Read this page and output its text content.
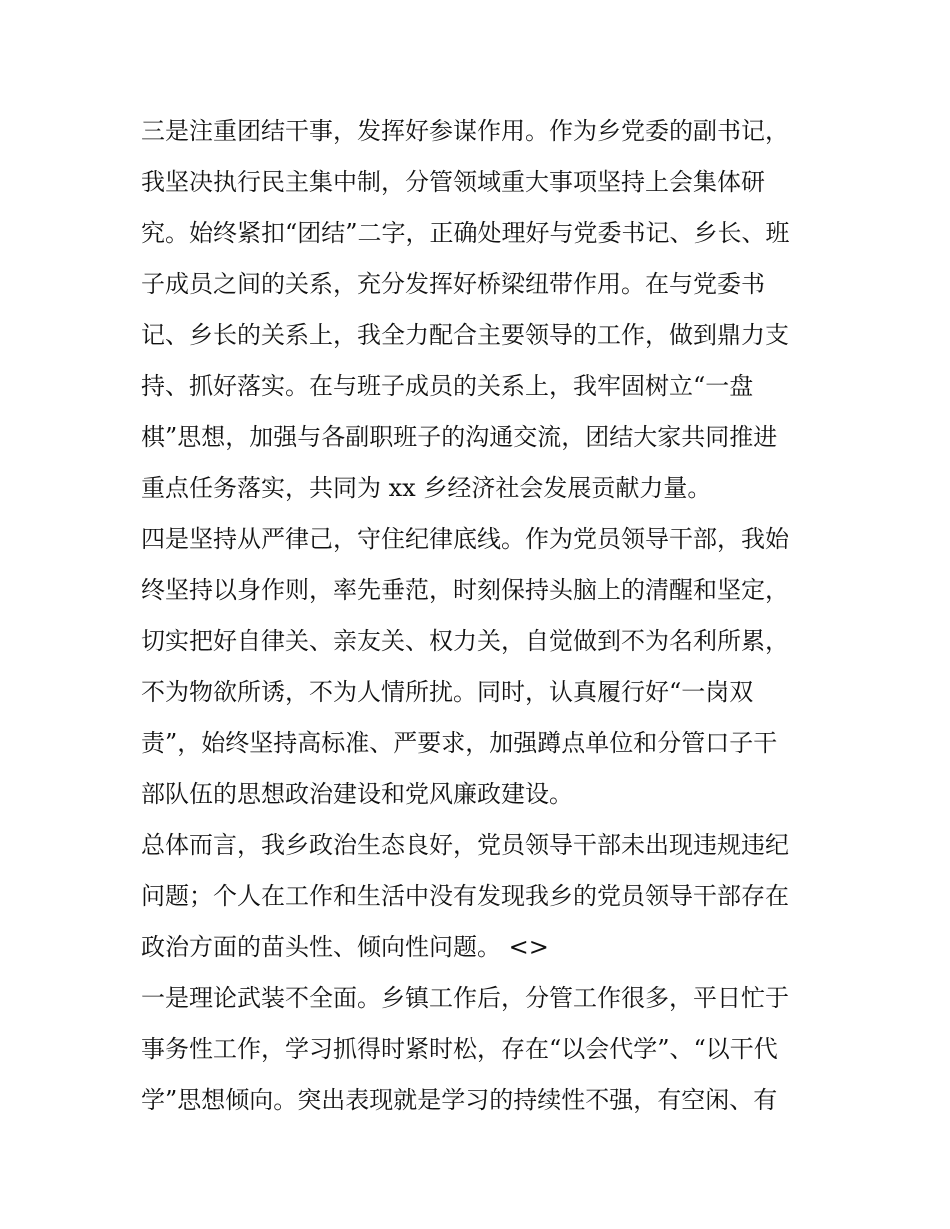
三是注重团结干事，发挥好参谋作用。作为乡党委的副书记，
我坚决执行民主集中制，分管领域重大事项坚持上会集体研
究。始终紧扣“团结”二字，正确处理好与党委书记、乡长、班
子成员之间的关系，充分发挥好桥梁纽带作用。在与党委书
记、乡长的关系上，我全力配合主要领导的工作，做到鼎力支
持、抓好落实。在与班子成员的关系上，我牢固树立“一盘
棋”思想，加强与各副职班子的沟通交流，团结大家共同推进
重点任务落实，共同为 xx 乡经济社会发展贡献力量。
四是坚持从严律己，守住纪律底线。作为党员领导干部，我始
终坚持以身作则，率先垂范，时刻保持头脑上的清醒和坚定，
切实把好自律关、亲友关、权力关，自觉做到不为名利所累，
不为物欲所诱，不为人情所扰。同时，认真履行好“一岗双
责”，始终坚持高标准、严要求，加强蹲点单位和分管口子干
部队伍的思想政治建设和党风廉政建设。
总体而言，我乡政治生态良好，党员领导干部未出现违规违纪
问题；个人在工作和生活中没有发现我乡的党员领导干部存在
政治方面的苗头性、倾向性问题。 <>
一是理论武装不全面。乡镇工作后，分管工作很多，平日忙于
事务性工作，学习抓得时紧时松，存在“以会代学”、“以干代
学”思想倾向。突出表现就是学习的持续性不强，有空闲、有
